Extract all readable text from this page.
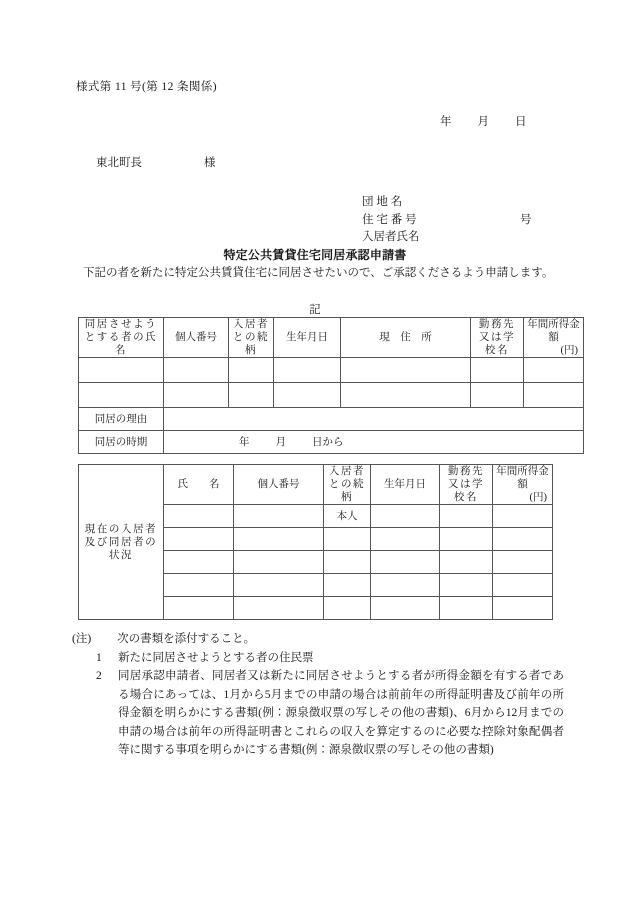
様式第 11 号(第 12 条関係)
年 月 日
東北町長	様
団 地 名
住 宅 番 号	号
入居者氏名
特定公共賃貸住宅同居承認申請書
下記の者を新たに特定公共賃貸住宅に同居させたいので、ご承認くださるよう申請します。
記
同居させようとする者の氏名	個人番号	入居者との続柄	生年月日	現　住　所	勤務先又は学校名	年間所得金額
(円)

同居の理由						
同居の時期	年 月 日から					
現在の入居者及び同居者の状況	氏　　名	個人番号	入居者との続柄	生年月日	勤務先又は学校名	年間所得金額
(円)

			本人			

(注) 次の書類を添付すること。
1 新たに同居させようとする者の住民票
2 同居承認申請者、同居者又は新たに同居させようとする者が所得金額を有する者である場合にあっては、1月から5月までの申請の場合は前前年の所得証明書及び前年の所得金額を明らかにする書類(例：源泉徴収票の写しその他の書類)、6月から12月までの申請の場合は前年の所得証明書とこれらの収入を算定するのに必要な控除対象配偶者等に関する事項を明らかにする書類(例：源泉徴収票の写しその他の書類)
